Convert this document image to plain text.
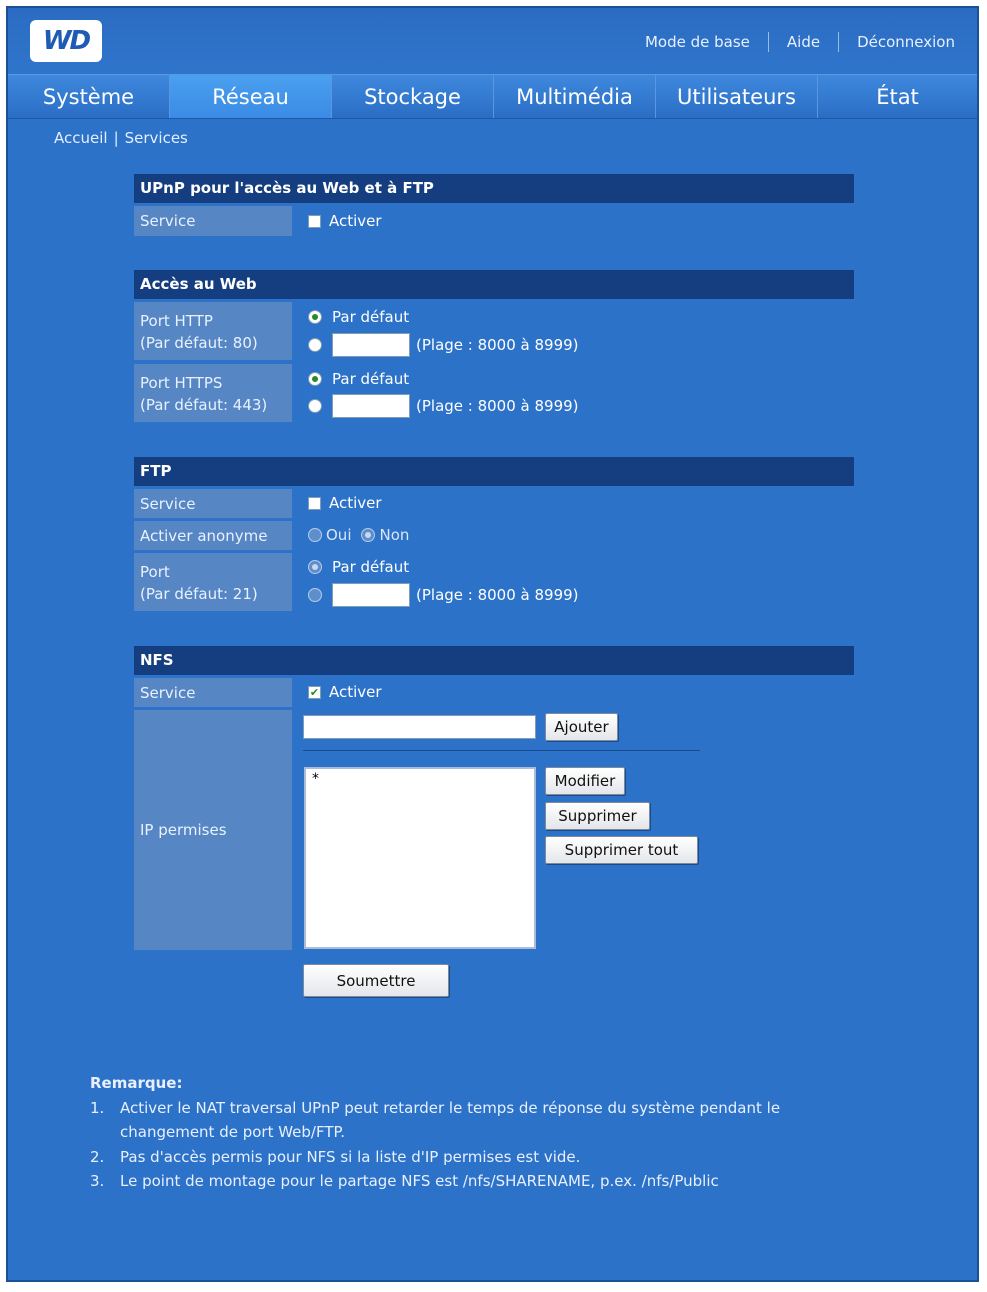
WD	Mode de base Aide Déconnexion
Système	Réseau	Stockage	Multimédia	Utilisateurs	État
Accueil | Services
UPnP pour l'accès au Web et à FTP
Service	Activer
Accès au Web
Port HTTP
(Par défaut: 80)
Par défaut
(Plage : 8000 à 8999)
Port HTTPS
(Par défaut: 443)
Par défaut
(Plage : 8000 à 8999)
FTP
Service	Activer
Activer anonyme	Oui Non
Port
(Par défaut: 21)
Par défaut
(Plage : 8000 à 8999)
NFS
Service
✔	Activer
IP permises
Ajouter
*	Modifier
Supprimer
Supprimer tout
Soumettre
Remarque:
1.	Activer le NAT traversal UPnP peut retarder le temps de réponse du système pendant le
changement de port Web/FTP.
2.	Pas d'accès permis pour NFS si la liste d'IP permises est vide.
3.	Le point de montage pour le partage NFS est /nfs/SHARENAME, p.ex. /nfs/Public
